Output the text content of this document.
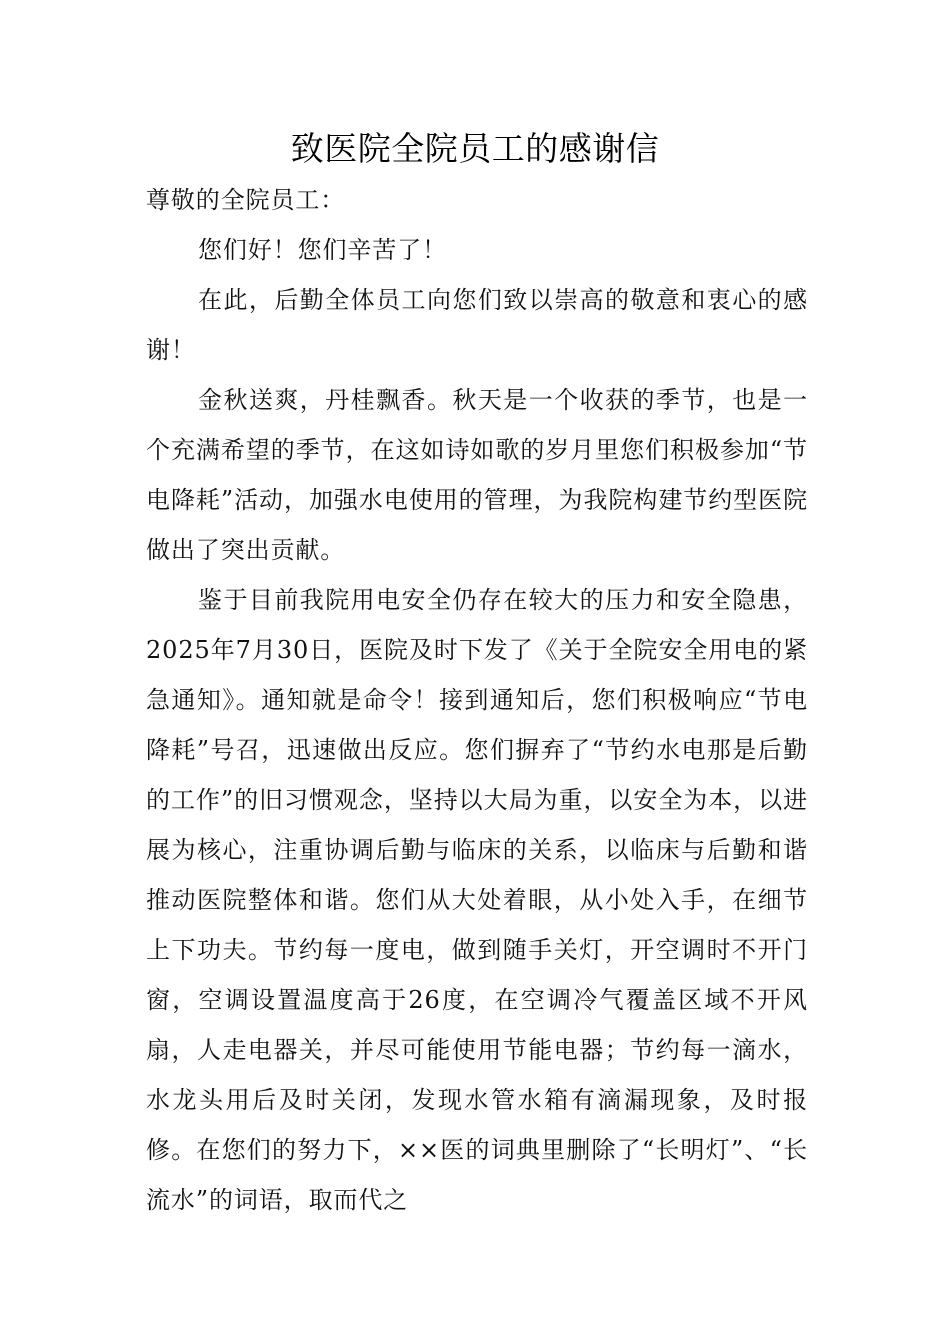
致医院全院员工的感谢信

尊敬的全院员工：

您们好！您们辛苦了！

在此，后勤全体员工向您们致以崇高的敬意和衷心的感谢！

金秋送爽，丹桂飘香。秋天是一个收获的季节，也是一个充满希望的季节，在这如诗如歌的岁月里您们积极参加“节电降耗”活动，加强水电使用的管理，为我院构建节约型医院做出了突出贡献。

鉴于目前我院用电安全仍存在较大的压力和安全隐患，2025年7月30日，医院及时下发了《关于全院安全用电的紧急通知》。通知就是命令！接到通知后，您们积极响应“节电降耗”号召，迅速做出反应。您们摒弃了“节约水电那是后勤的工作”的旧习惯观念，坚持以大局为重，以安全为本，以进展为核心，注重协调后勤与临床的关系，以临床与后勤和谐推动医院整体和谐。您们从大处着眼，从小处入手，在细节上下功夫。节约每一度电，做到随手关灯，开空调时不开门窗，空调设置温度高于26度，在空调冷气覆盖区域不开风扇，人走电器关，并尽可能使用节能电器；节约每一滴水，水龙头用后及时关闭，发现水管水箱有滴漏现象，及时报修。在您们的努力下，××医的词典里删除了“长明灯”、“长流水”的词语，取而代之
